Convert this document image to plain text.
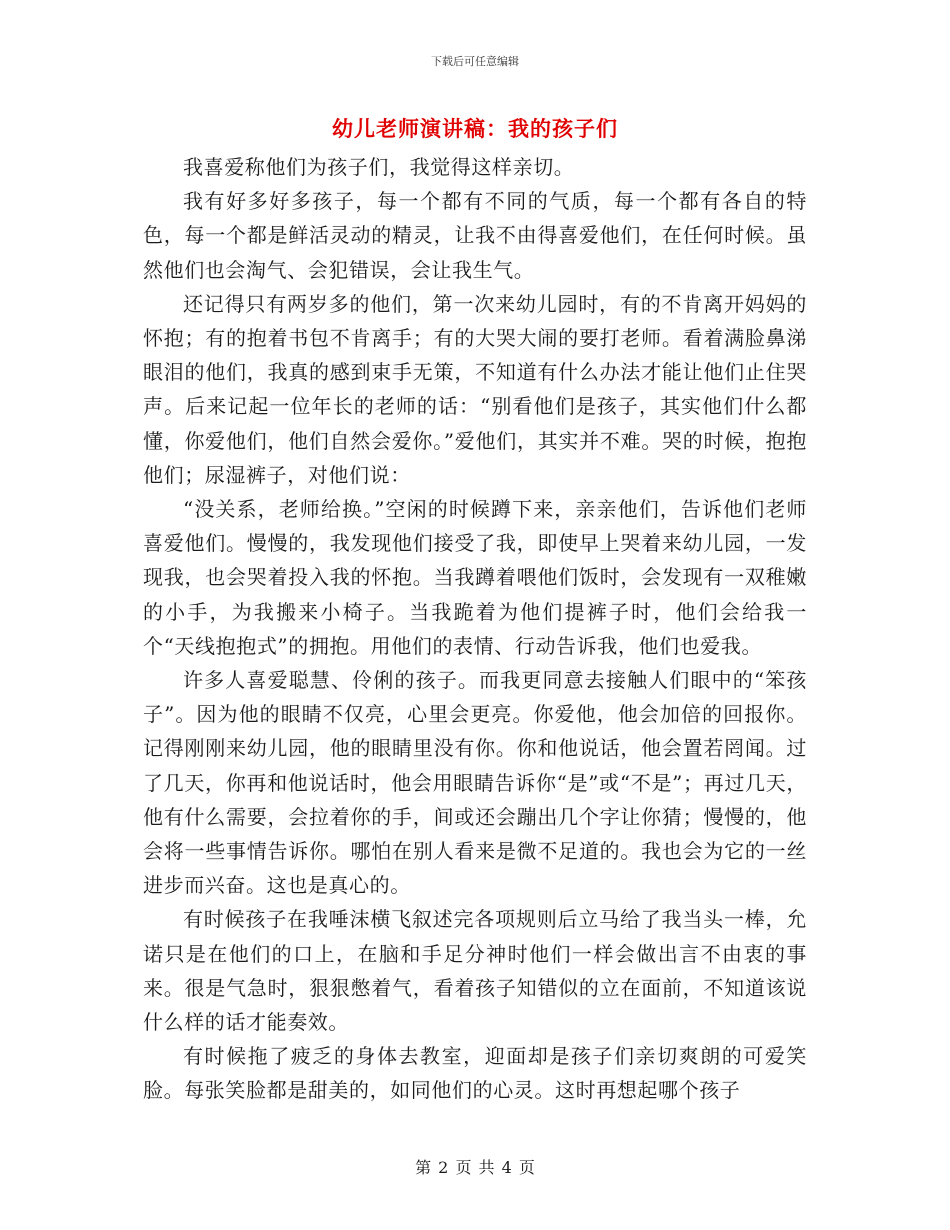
下载后可任意编辑
幼儿老师演讲稿：我的孩子们

我喜爱称他们为孩子们，我觉得这样亲切。

我有好多好多孩子，每一个都有不同的气质，每一个都有各自的特色，每一个都是鲜活灵动的精灵，让我不由得喜爱他们，在任何时候。虽然他们也会淘气、会犯错误，会让我生气。

还记得只有两岁多的他们，第一次来幼儿园时，有的不肯离开妈妈的怀抱；有的抱着书包不肯离手；有的大哭大闹的要打老师。看着满脸鼻涕眼泪的他们，我真的感到束手无策，不知道有什么办法才能让他们止住哭声。后来记起一位年长的老师的话：“别看他们是孩子，其实他们什么都懂，你爱他们，他们自然会爱你。”爱他们，其实并不难。哭的时候，抱抱他们；尿湿裤子，对他们说：

“没关系，老师给换。”空闲的时候蹲下来，亲亲他们，告诉他们老师喜爱他们。慢慢的，我发现他们接受了我，即使早上哭着来幼儿园，一发现我，也会哭着投入我的怀抱。当我蹲着喂他们饭时，会发现有一双稚嫩的小手，为我搬来小椅子。当我跪着为他们提裤子时，他们会给我一个“天线抱抱式”的拥抱。用他们的表情、行动告诉我，他们也爱我。

许多人喜爱聪慧、伶俐的孩子。而我更同意去接触人们眼中的“笨孩子”。因为他的眼睛不仅亮，心里会更亮。你爱他，他会加倍的回报你。记得刚刚来幼儿园，他的眼睛里没有你。你和他说话，他会置若罔闻。过了几天，你再和他说话时，他会用眼睛告诉你“是”或“不是”；再过几天，他有什么需要，会拉着你的手，间或还会蹦出几个字让你猜；慢慢的，他会将一些事情告诉你。哪怕在别人看来是微不足道的。我也会为它的一丝进步而兴奋。这也是真心的。

有时候孩子在我唾沫横飞叙述完各项规则后立马给了我当头一棒，允诺只是在他们的口上，在脑和手足分神时他们一样会做出言不由衷的事来。很是气急时，狠狠憋着气，看着孩子知错似的立在面前，不知道该说什么样的话才能奏效。

有时候拖了疲乏的身体去教室，迎面却是孩子们亲切爽朗的可爱笑脸。每张笑脸都是甜美的，如同他们的心灵。这时再想起哪个孩子

第 2 页 共 4 页
